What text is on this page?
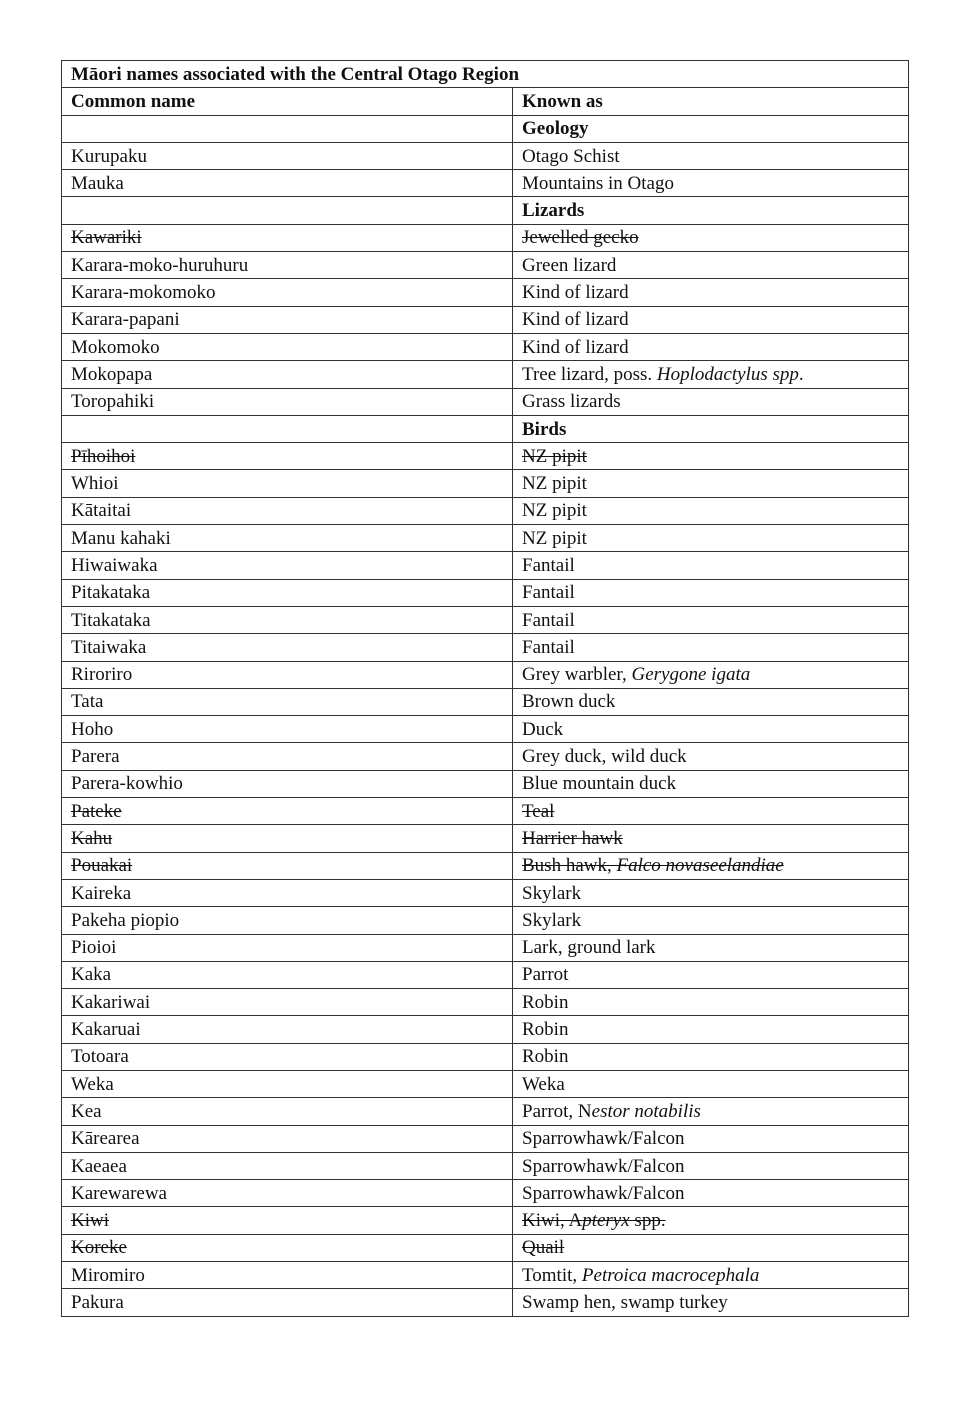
Māori names associated with the Central Otago Region	
Common name	Known as
	Geology
Kurupaku	Otago Schist
Mauka	Mountains in Otago
	Lizards
Kawariki	Jewelled gecko
Karara-moko-huruhuru	Green lizard
Karara-mokomoko	Kind of lizard
Karara-papani	Kind of lizard
Mokomoko	Kind of lizard
Mokopapa	Tree lizard, poss. Hoplodactylus spp.
Toropahiki	Grass lizards
	Birds
Pīhoihoi	NZ pipit
Whioi	NZ pipit
Kātaitai	NZ pipit
Manu kahaki	NZ pipit
Hiwaiwaka	Fantail
Pitakataka	Fantail
Titakataka	Fantail
Titaiwaka	Fantail
Riroriro	Grey warbler, Gerygone igata
Tata	Brown duck
Hoho	Duck
Parera	Grey duck, wild duck
Parera-kowhio	Blue mountain duck
Pateke	Teal
Kahu	Harrier hawk
Pouakai	Bush hawk, Falco novaseelandiae
Kaireka	Skylark
Pakeha piopio	Skylark
Pioioi	Lark, ground lark
Kaka	Parrot
Kakariwai	Robin
Kakaruai	Robin
Totoara	Robin
Weka	Weka
Kea	Parrot, Nestor notabilis
Kārearea	Sparrowhawk/Falcon
Kaeaea	Sparrowhawk/Falcon
Karewarewa	Sparrowhawk/Falcon
Kiwi	Kiwi, Apteryx spp.
Koreke	Quail
Miromiro	Tomtit, Petroica macrocephala
Pakura	Swamp hen, swamp turkey
